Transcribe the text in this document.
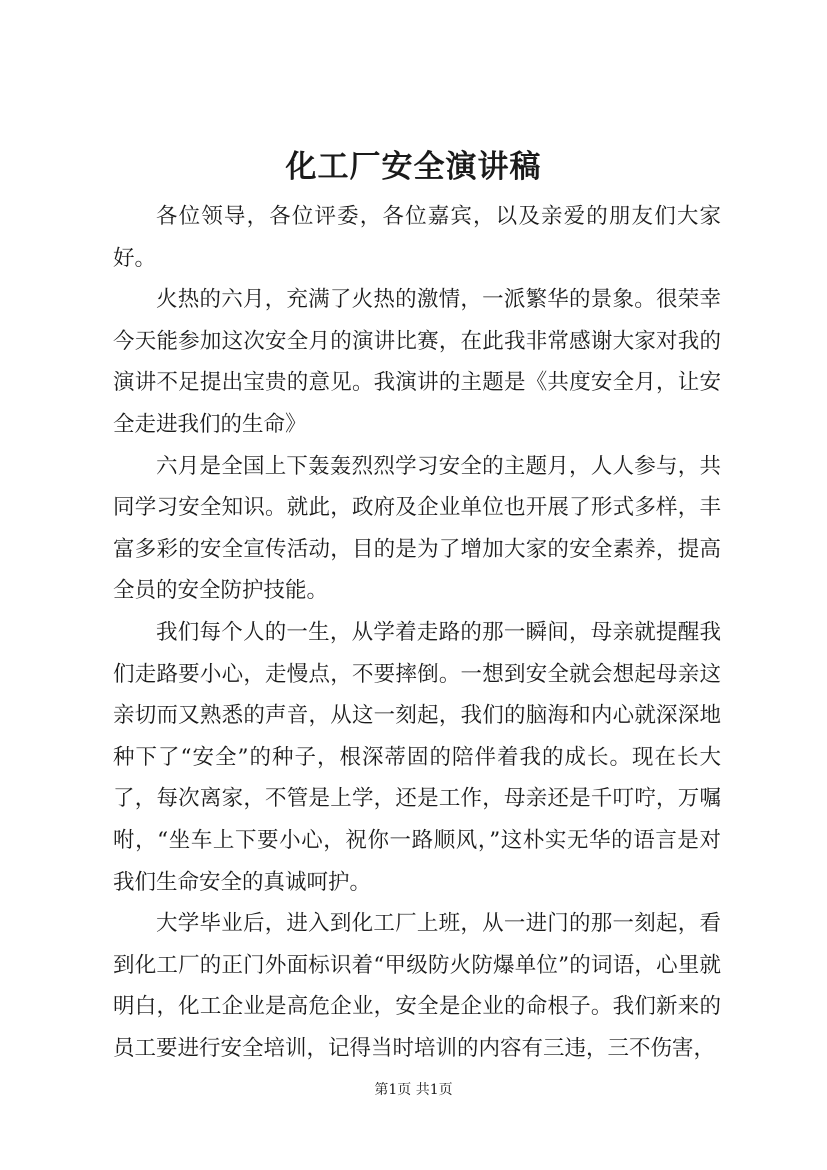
化工厂安全演讲稿

各位领导，各位评委，各位嘉宾，以及亲爱的朋友们大家好。

火热的六月，充满了火热的激情，一派繁华的景象。很荣幸今天能参加这次安全月的演讲比赛，在此我非常感谢大家对我的演讲不足提出宝贵的意见。我演讲的主题是《共度安全月，让安全走进我们的生命》

六月是全国上下轰轰烈烈学习安全的主题月，人人参与，共同学习安全知识。就此，政府及企业单位也开展了形式多样，丰富多彩的安全宣传活动，目的是为了增加大家的安全素养，提高全员的安全防护技能。

我们每个人的一生，从学着走路的那一瞬间，母亲就提醒我们走路要小心，走慢点，不要摔倒。一想到安全就会想起母亲这亲切而又熟悉的声音，从这一刻起，我们的脑海和内心就深深地种下了“安全”的种子，根深蒂固的陪伴着我的成长。现在长大了，每次离家，不管是上学，还是工作，母亲还是千叮咛，万嘱咐，“坐车上下要小心，祝你一路顺风，”这朴实无华的语言是对我们生命安全的真诚呵护。

大学毕业后，进入到化工厂上班，从一进门的那一刻起，看到化工厂的正门外面标识着“甲级防火防爆单位”的词语，心里就明白，化工企业是高危企业，安全是企业的命根子。我们新来的员工要进行安全培训，记得当时培训的内容有三违，三不伤害，

第1页 共1页
